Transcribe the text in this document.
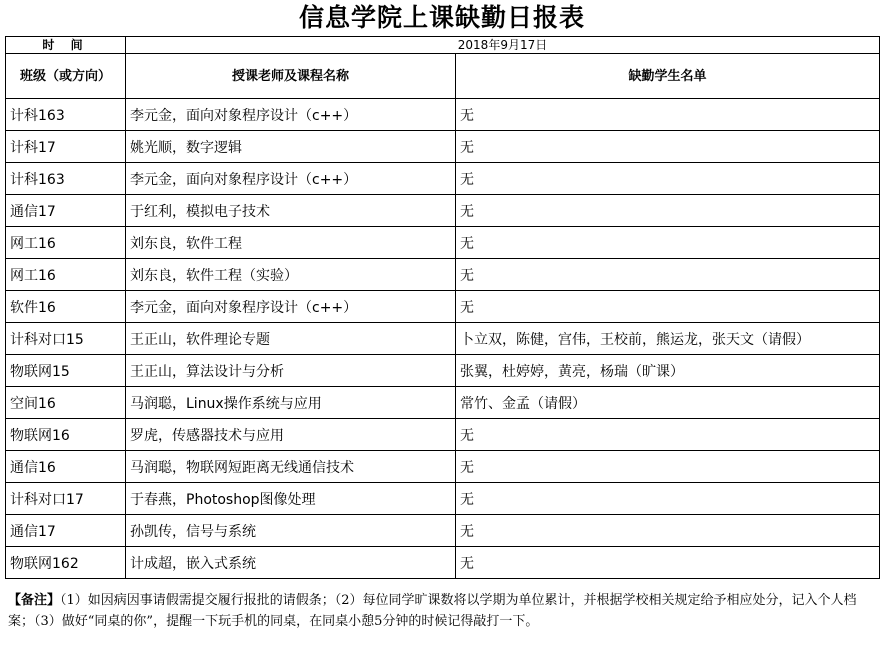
信息学院上课缺勤日报表
时 间	2018年9月17日	
班级（或方向）	授课老师及课程名称	缺勤学生名单
计科163	李元金，面向对象程序设计（c++）	无
计科17	姚光顺，数字逻辑	无
计科163	李元金，面向对象程序设计（c++）	无
通信17	于红利，模拟电子技术	无
网工16	刘东良，软件工程	无
网工16	刘东良，软件工程（实验）	无
软件16	李元金，面向对象程序设计（c++）	无
计科对口15	王正山，软件理论专题	卜立双，陈健，宫伟，王校前，熊运龙，张天文（请假）
物联网15	王正山，算法设计与分析	张翼，杜婷婷，黄亮，杨瑞（旷课）
空间16	马润聪，Linux操作系统与应用	常竹、金孟（请假）
物联网16	罗虎，传感器技术与应用	无
通信16	马润聪，物联网短距离无线通信技术	无
计科对口17	于春燕，Photoshop图像处理	无
通信17	孙凯传，信号与系统	无
物联网162	计成超，嵌入式系统	无
【备注】（1）如因病因事请假需提交履行报批的请假条；（2）每位同学旷课数将以学期为单位累计，并根据学校相关规定给予相应处分，记入个人档案；（3）做好“同桌的你”，提醒一下玩手机的同桌，在同桌小憩5分钟的时候记得敲打一下。
